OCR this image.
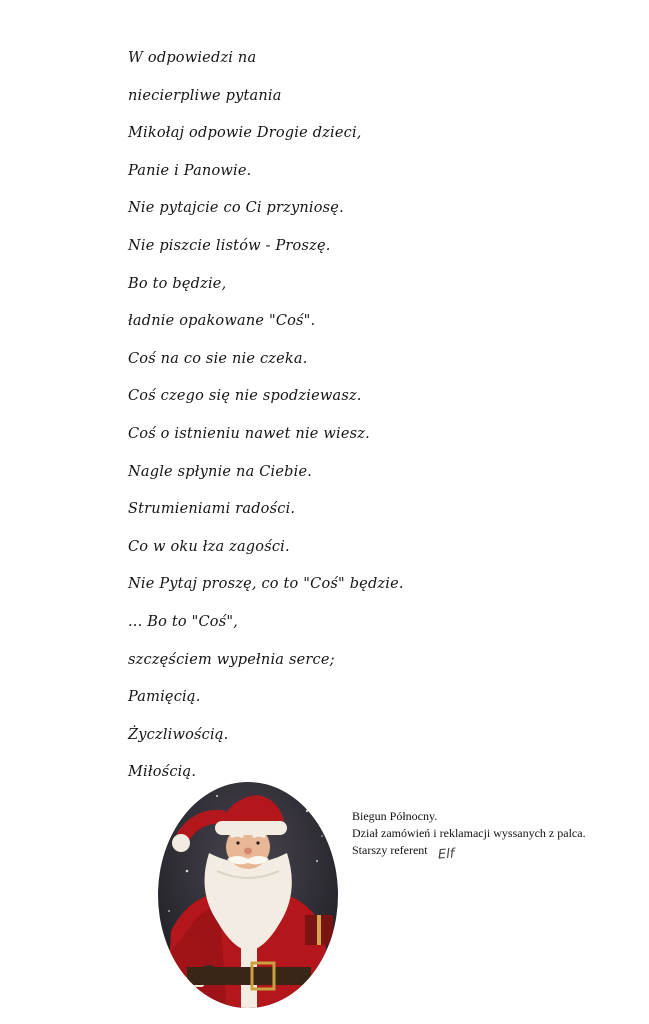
W odpowiedzi na
niecierpliwe pytania
Mikołaj odpowie Drogie dzieci,
Panie i Panowie.
Nie pytajcie co Ci przyniosę.
Nie piszcie listów - Proszę.
Bo to będzie,
ładnie opakowane "Coś".
Coś na co sie nie czeka.
Coś czego się nie spodziewasz.
Coś o istnieniu nawet nie wiesz.
Nagle spłynie na Ciebie.
Strumieniami radości.
Co w oku łza zagości.
Nie Pytaj proszę, co to "Coś" będzie.
... Bo to "Coś",
szczęściem wypełnia serce;
Pamięcią.
Życzliwością.
Miłością.
Biegun Północny.
Dział zamówień i reklamacji wyssanych z palca.
Starszy referent Elf
